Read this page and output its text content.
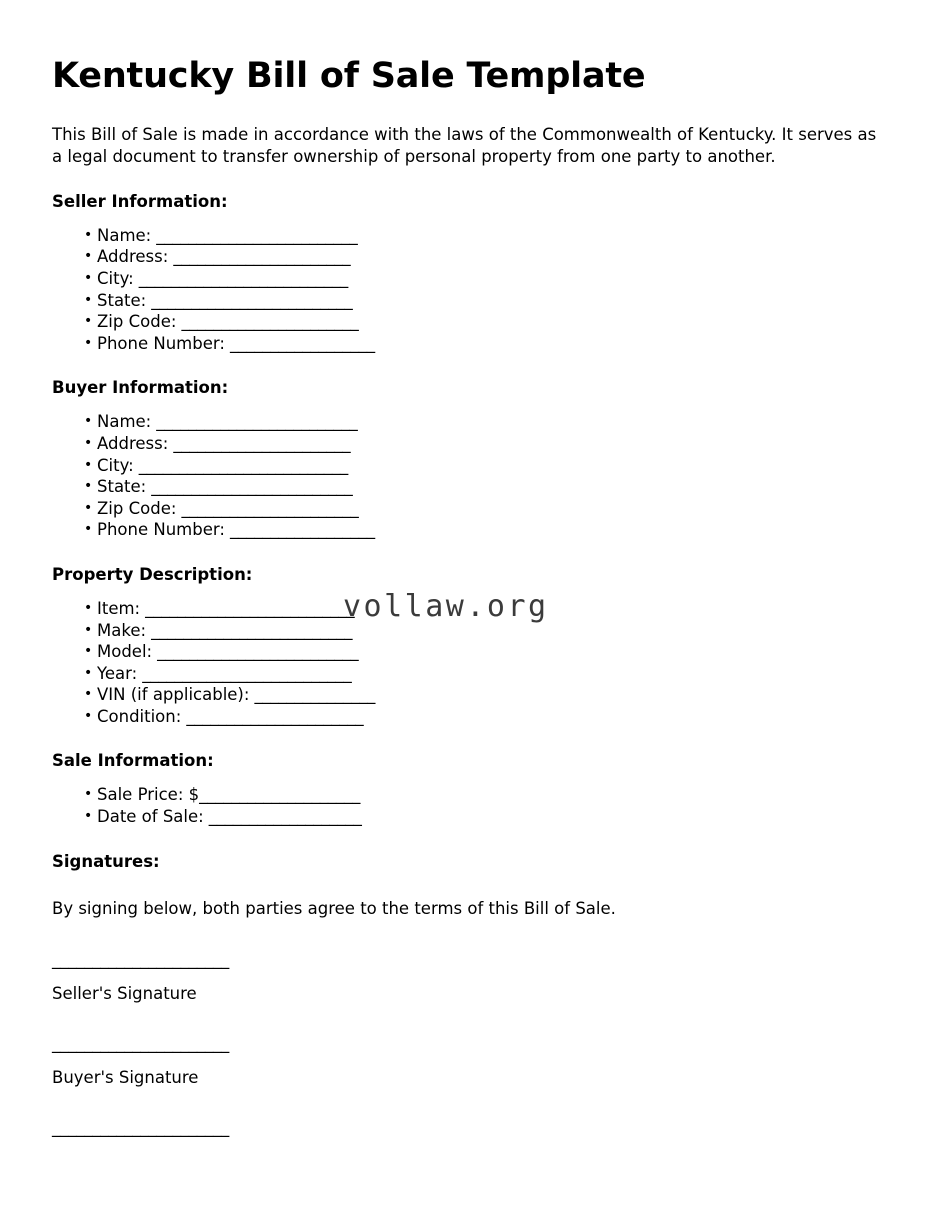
Kentucky Bill of Sale Template

This Bill of Sale is made in accordance with the laws of the Commonwealth of Kentucky. It serves as a legal document to transfer ownership of personal property from one party to another.

Seller Information:
• Name: _________________________
• Address: ______________________
• City: __________________________
• State: _________________________
• Zip Code: ______________________
• Phone Number: __________________
Buyer Information:
• Name: _________________________
• Address: ______________________
• City: __________________________
• State: _________________________
• Zip Code: ______________________
• Phone Number: __________________
Property Description:
• Item: __________________________
• Make: _________________________
• Model: _________________________
• Year: __________________________
• VIN (if applicable): _______________
• Condition: ______________________
Sale Information:
• Sale Price: $____________________
• Date of Sale: ___________________
Signatures:

By signing below, both parties agree to the terms of this Bill of Sale.

______________________
Seller's Signature
______________________
Buyer's Signature
______________________
vollaw.org
